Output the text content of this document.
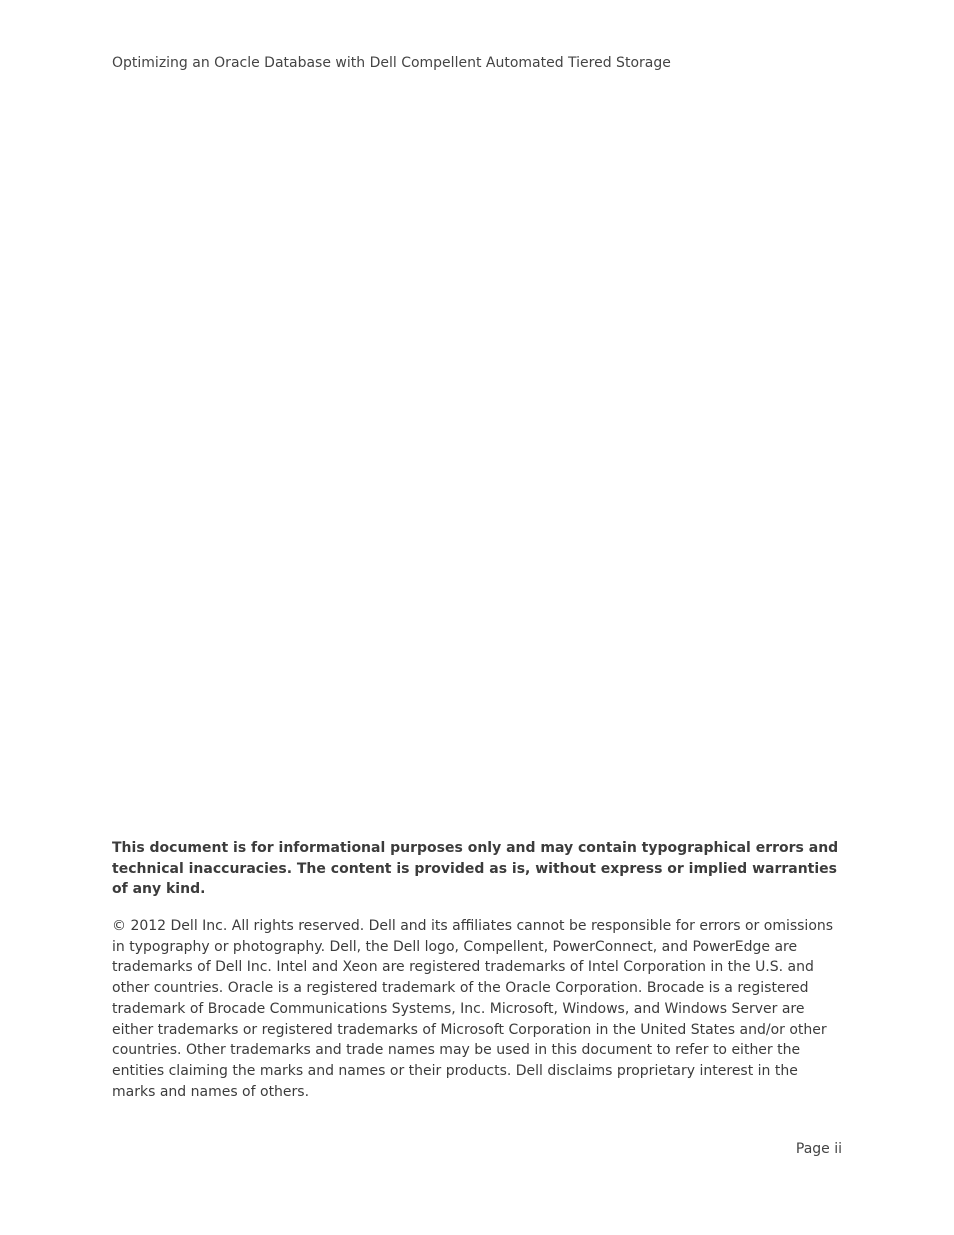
Optimizing an Oracle Database with Dell Compellent Automated Tiered Storage

This document is for informational purposes only and may contain typographical errors and technical inaccuracies. The content is provided as is, without express or implied warranties of any kind.

© 2012 Dell Inc. All rights reserved. Dell and its affiliates cannot be responsible for errors or omissions in typography or photography. Dell, the Dell logo, Compellent, PowerConnect, and PowerEdge are trademarks of Dell Inc. Intel and Xeon are registered trademarks of Intel Corporation in the U.S. and other countries. Oracle is a registered trademark of the Oracle Corporation. Brocade is a registered trademark of Brocade Communications Systems, Inc. Microsoft, Windows, and Windows Server are either trademarks or registered trademarks of Microsoft Corporation in the United States and/or other countries. Other trademarks and trade names may be used in this document to refer to either the entities claiming the marks and names or their products. Dell disclaims proprietary interest in the marks and names of others.

Page ii
